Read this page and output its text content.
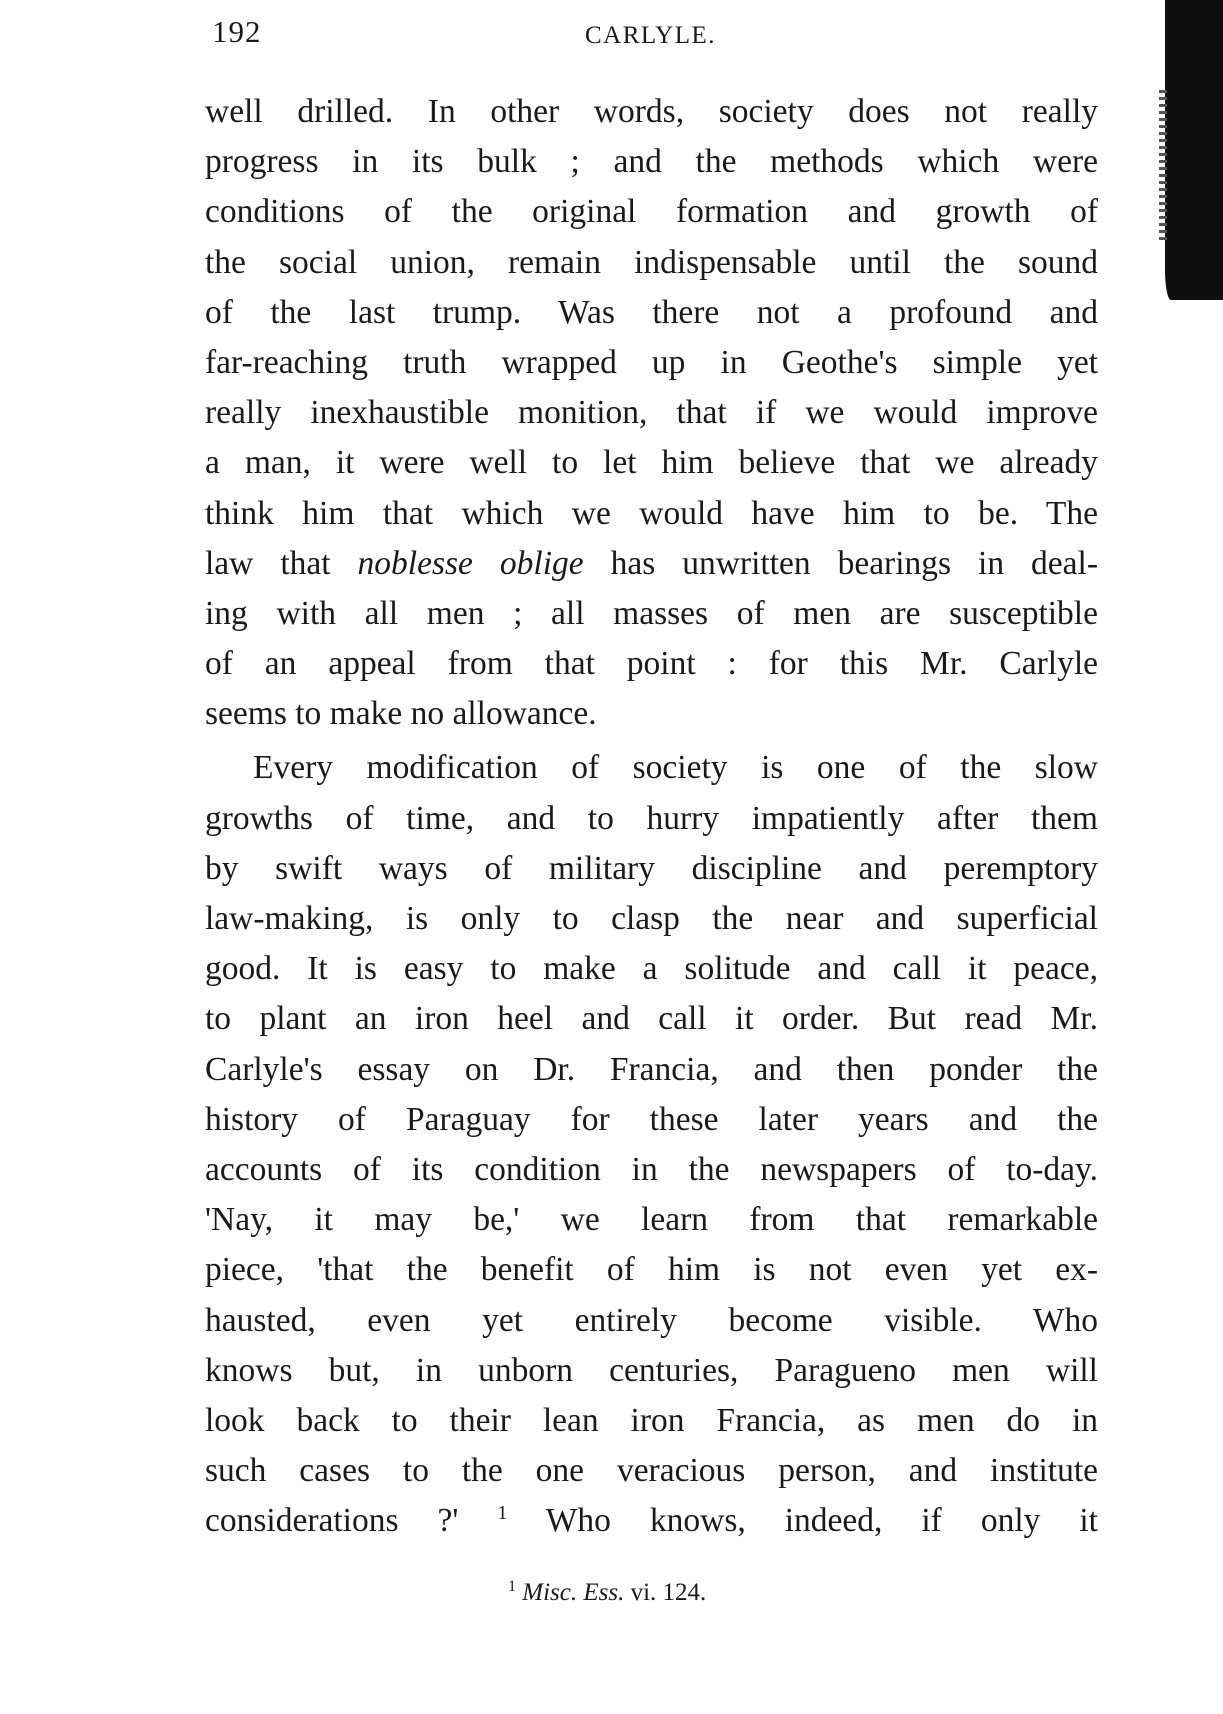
192	CARLYLE.
well drilled. In other words, society does not really
progress in its bulk ; and the methods which were
conditions of the original formation and growth of
the social union, remain indispensable until the sound
of the last trump. Was there not a profound and
far-reaching truth wrapped up in Geothe's simple yet
really inexhaustible monition, that if we would improve
a man, it were well to let him believe that we already
think him that which we would have him to be. The
law that noblesse oblige has unwritten bearings in deal-
ing with all men ; all masses of men are susceptible
of an appeal from that point : for this Mr. Carlyle
seems to make no allowance.
Every modification of society is one of the slow
growths of time, and to hurry impatiently after them
by swift ways of military discipline and peremptory
law-making, is only to clasp the near and superficial
good. It is easy to make a solitude and call it peace,
to plant an iron heel and call it order. But read Mr.
Carlyle's essay on Dr. Francia, and then ponder the
history of Paraguay for these later years and the
accounts of its condition in the newspapers of to-day.
'Nay, it may be,' we learn from that remarkable
piece, 'that the benefit of him is not even yet ex-
hausted, even yet entirely become visible. Who
knows but, in unborn centuries, Paragueno men will
look back to their lean iron Francia, as men do in
such cases to the one veracious person, and institute
considerations ?' $^1$ Who knows, indeed, if only it
$^1$ Misc. Ess. vi. 124.
